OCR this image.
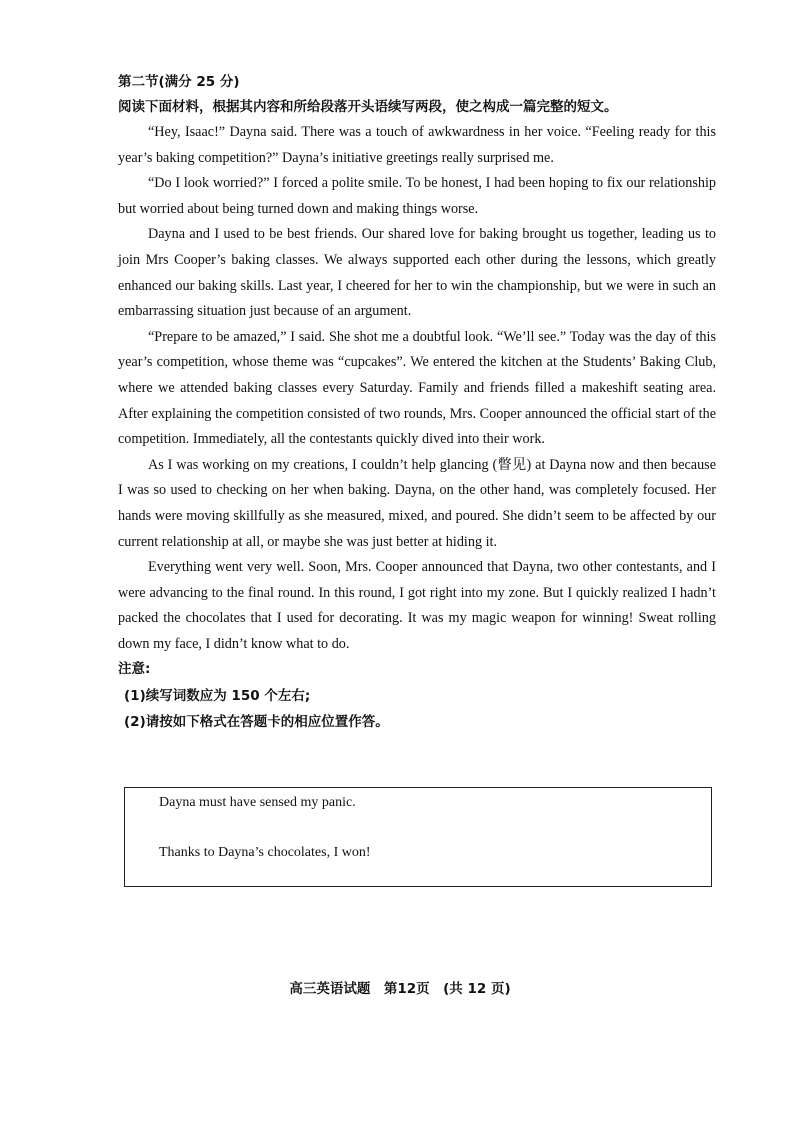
第二节(满分 25 分)
阅读下面材料，根据其内容和所给段落开头语续写两段，使之构成一篇完整的短文。

“Hey, Isaac!” Dayna said. There was a touch of awkwardness in her voice. “Feeling ready for this year’s baking competition?” Dayna’s initiative greetings really surprised me.

“Do I look worried?” I forced a polite smile. To be honest, I had been hoping to fix our relationship but worried about being turned down and making things worse.

Dayna and I used to be best friends. Our shared love for baking brought us together, leading us to join Mrs Cooper’s baking classes. We always supported each other during the lessons, which greatly enhanced our baking skills. Last year, I cheered for her to win the championship, but we were in such an embarrassing situation just because of an argument.

“Prepare to be amazed,” I said. She shot me a doubtful look. “We’ll see.” Today was the day of this year’s competition, whose theme was “cupcakes”. We entered the kitchen at the Students’ Baking Club, where we attended baking classes every Saturday. Family and friends filled a makeshift seating area. After explaining the competition consisted of two rounds, Mrs. Cooper announced the official start of the competition. Immediately, all the contestants quickly dived into their work.

As I was working on my creations, I couldn’t help glancing (瞥见) at Dayna now and then because I was so used to checking on her when baking. Dayna, on the other hand, was completely focused. Her hands were moving skillfully as she measured, mixed, and poured. She didn’t seem to be affected by our current relationship at all, or maybe she was just better at hiding it.

Everything went very well. Soon, Mrs. Cooper announced that Dayna, two other contestants, and I were advancing to the final round. In this round, I got right into my zone. But I quickly realized I hadn’t packed the chocolates that I used for decorating. It was my magic weapon for winning! Sweat rolling down my face, I didn’t know what to do.

注意:
(1)续写词数应为 150 个左右;
(2)请按如下格式在答题卡的相应位置作答。
Dayna must have sensed my panic.
Thanks to Dayna’s chocolates, I won!
高三英语试题　第12页　(共 12 页)
